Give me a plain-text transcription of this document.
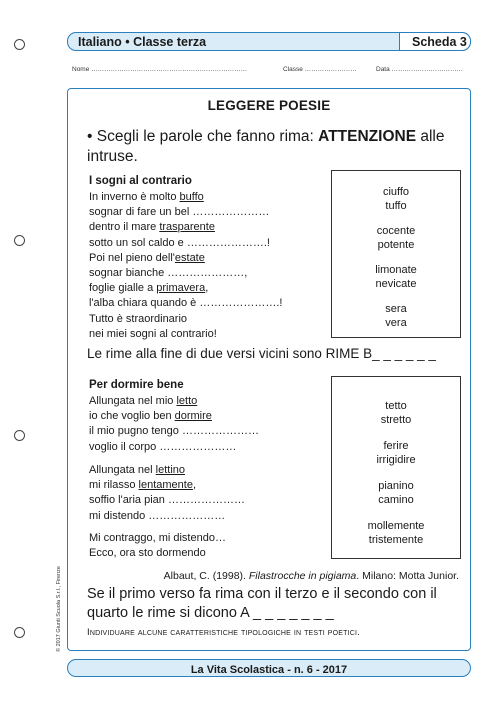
Italiano • Classe terza	Scheda 3
Nome ………………………………………………………………	Classe ……………………	Data ……………………………
LEGGERE POESIE
• Scegli le parole che fanno rima: ATTENZIONE alle intruse.
I sogni al contrario
In inverno è molto buffo
sognar di fare un bel …………………
dentro il mare trasparente
sotto un sol caldo e ………………….!
Poi nel pieno dell'estate
sognar bianche …………………,
foglie gialle a primavera,
l'alba chiara quando è ………………….!
Tutto è straordinario
nei miei sogni al contrario!
ciuffo
tuffo
cocente
potente
limonate
nevicate
sera
vera
Le rime alla fine di due versi vicini sono RIME B_ _ _ _ _ _
Per dormire bene
Allungata nel mio letto
io che voglio ben dormire
il mio pugno tengo …………………
voglio il corpo …………………
Allungata nel lettino
mi rilasso lentamente,
soffio l'aria pian …………………
mi distendo …………………
Mi contraggo, mi distendo…
Ecco, ora sto dormendo
tetto
stretto
ferire
irrigidire
pianino
camino
mollemente
tristemente
Albaut, C. (1998). Filastrocche in pigiama. Milano: Motta Junior.
Se il primo verso fa rima con il terzo e il secondo con il quarto le rime si dicono A _ _ _ _ _ _ _
Individuare alcune caratteristiche tipologiche in testi poetici.
© 2017 Giunti Scuola S.r.l., Firenze
La Vita Scolastica - n. 6 - 2017
